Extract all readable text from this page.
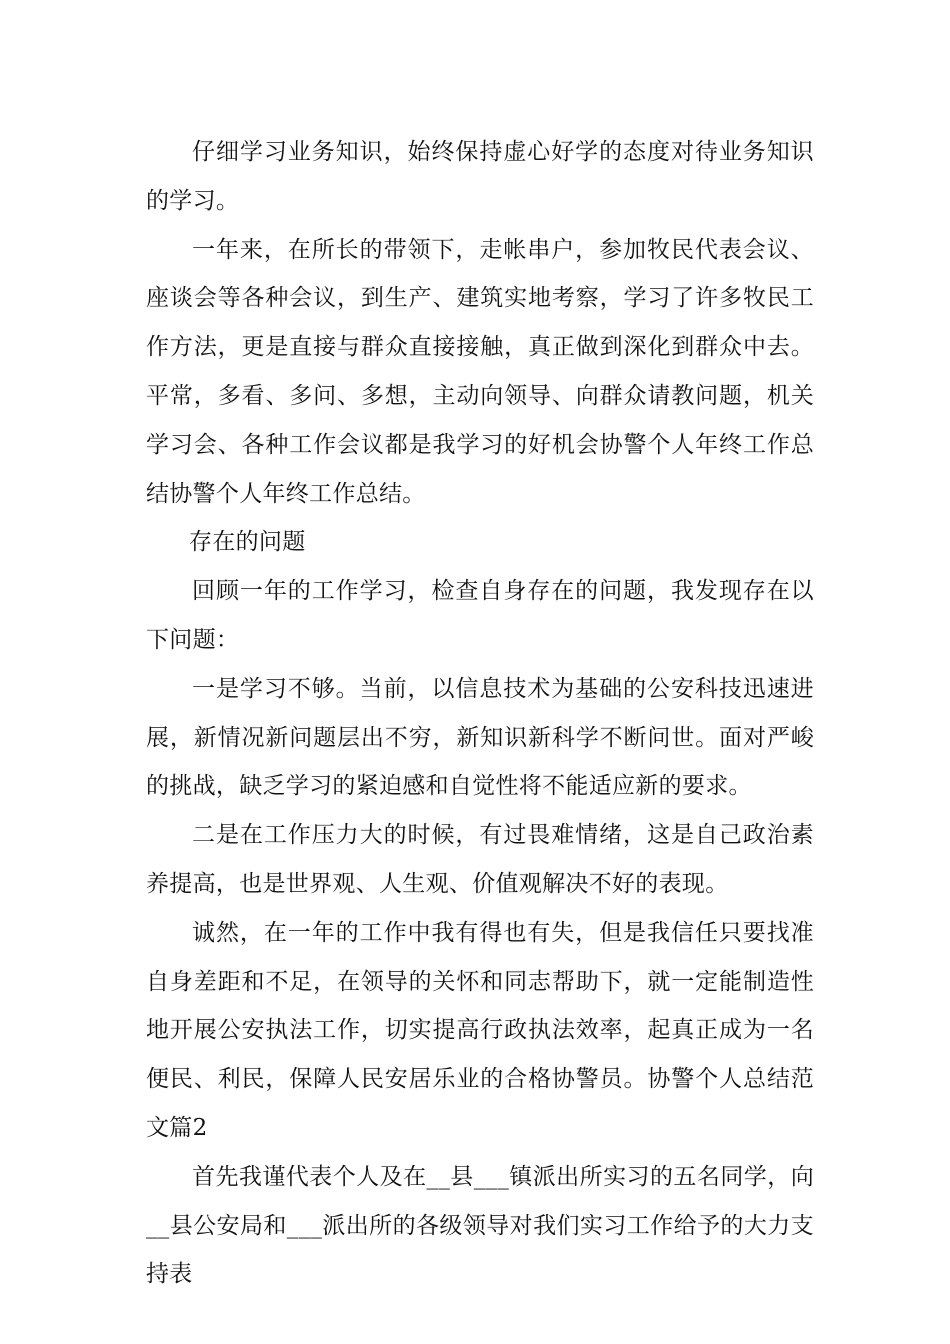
仔细学习业务知识，始终保持虚心好学的态度对待业务知识的学习。

一年来，在所长的带领下，走帐串户，参加牧民代表会议、座谈会等各种会议，到生产、建筑实地考察，学习了许多牧民工作方法，更是直接与群众直接接触，真正做到深化到群众中去。平常，多看、多问、多想，主动向领导、向群众请教问题，机关学习会、各种工作会议都是我学习的好机会协警个人年终工作总结协警个人年终工作总结。

存在的问题

回顾一年的工作学习，检查自身存在的问题，我发现存在以下问题：

一是学习不够。当前，以信息技术为基础的公安科技迅速进展，新情况新问题层出不穷，新知识新科学不断问世。面对严峻的挑战，缺乏学习的紧迫感和自觉性将不能适应新的要求。

二是在工作压力大的时候，有过畏难情绪，这是自己政治素养提高，也是世界观、人生观、价值观解决不好的表现。

诚然，在一年的工作中我有得也有失，但是我信任只要找准自身差距和不足，在领导的关怀和同志帮助下，就一定能制造性地开展公安执法工作，切实提高行政执法效率，起真正成为一名便民、利民，保障人民安居乐业的合格协警员。协警个人总结范文篇2

首先我谨代表个人及在__县___镇派出所实习的五名同学，向__县公安局和___派出所的各级领导对我们实习工作给予的大力支持表
